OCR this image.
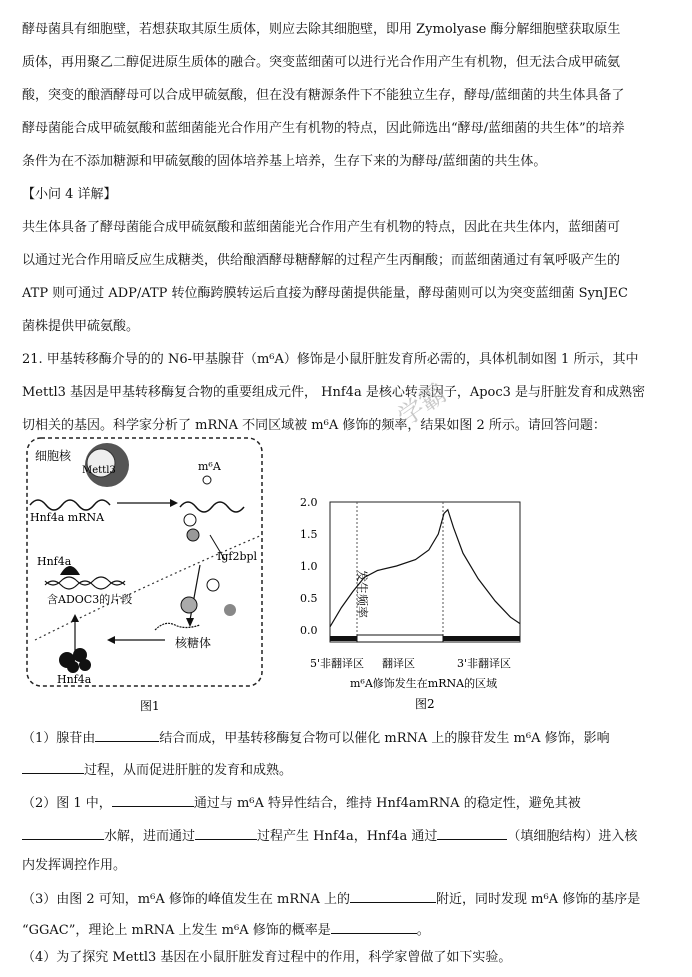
酵母菌具有细胞壁，若想获取其原生质体，则应去除其细胞壁，即用 Zymolyase 酶分解细胞壁获取原生
质体，再用聚乙二醇促进原生质体的融合。突变蓝细菌可以进行光合作用产生有机物，但无法合成甲硫氨
酸，突变的酿酒酵母可以合成甲硫氨酸，但在没有糖源条件下不能独立生存，酵母/蓝细菌的共生体具备了
酵母菌能合成甲硫氨酸和蓝细菌能光合作用产生有机物的特点，因此筛选出“酵母/蓝细菌的共生体”的培养
条件为在不添加糖源和甲硫氨酸的固体培养基上培养，生存下来的为酵母/蓝细菌的共生体。
【小问 4 详解】
共生体具备了酵母菌能合成甲硫氨酸和蓝细菌能光合作用产生有机物的特点，因此在共生体内，蓝细菌可
以通过光合作用暗反应生成糖类，供给酿酒酵母糖酵解的过程产生丙酮酸；而蓝细菌通过有氧呼吸产生的
ATP 则可通过 ADP/ATP 转位酶跨膜转运后直接为酵母菌提供能量，酵母菌则可以为突变蓝细菌 SynJEC
菌株提供甲硫氨酸。
21. 甲基转移酶介导的的 N6-甲基腺苷（m⁶A）修饰是小鼠肝脏发育所必需的，具体机制如图 1 所示，其中
Mettl3 基因是甲基转移酶复合物的重要组成元件， Hnf4a 是核心转录因子，Apoc3 是与肝脏发育和成熟密
切相关的基因。科学家分析了 mRNA 不同区域被 m⁶A 修饰的频率，结果如图 2 所示。请回答问题：
学霸
细胞核
Mettl3
Hnf4a mRNA
m⁶A
Igf2bpl
核糖体
Hnf4a
含ADOC3的片段
Hnf4a
图1
0.0
0.5
1.0
1.5
2.0
发生频率
5'非翻译区 翻译区	3'非翻译区
m⁶A修饰发生在mRNA的区域
图2
（1）腺苷由	结合而成，甲基转移酶复合物可以催化 mRNA 上的腺苷发生 m⁶A 修饰，影响
过程，从而促进肝脏的发育和成熟。
（2）图 1 中，	通过与 m⁶A 特异性结合，维持 Hnf4amRNA 的稳定性，避免其被
水解，进而通过	过程产生 Hnf4a，Hnf4a 通过	（填细胞结构）进入核
内发挥调控作用。
（3）由图 2 可知，m⁶A 修饰的峰值发生在 mRNA 上的	附近，同时发现 m⁶A 修饰的基序是
“GGAC”，理论上 mRNA 上发生 m⁶A 修饰的概率是	。
（4）为了探究 Mettl3 基因在小鼠肝脏发育过程中的作用，科学家曾做了如下实验。
